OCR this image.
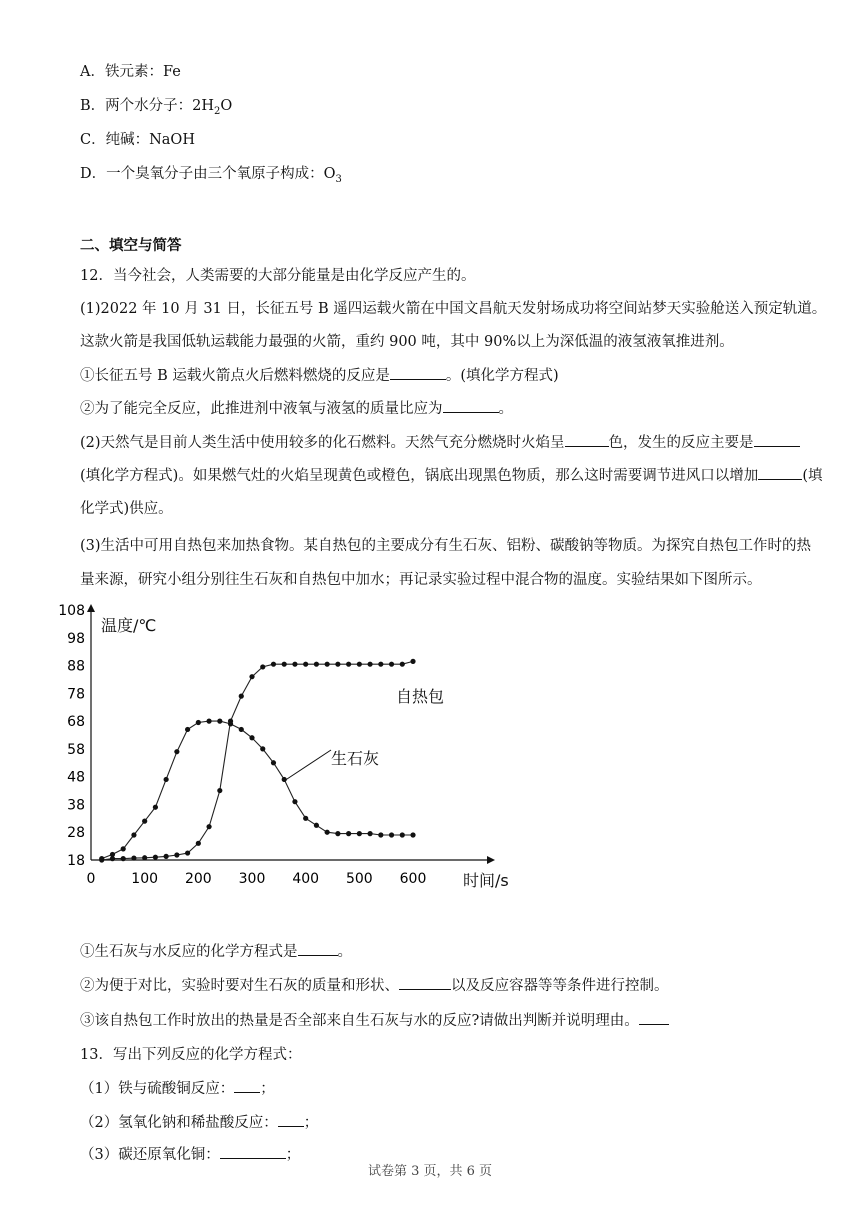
A．铁元素：Fe
B．两个水分子：$2H_2O$
C．纯碱：NaOH
D．一个臭氧分子由三个氧原子构成：$O_3$
二、填空与简答
12．当今社会，人类需要的大部分能量是由化学反应产生的。
(1)2022 年 10 月 31 日，长征五号 B 遥四运载火箭在中国文昌航天发射场成功将空间站梦天实验舱送入预定轨道。
这款火箭是我国低轨运载能力最强的火箭，重约 900 吨，其中 90%以上为深低温的液氢液氧推进剂。
①长征五号 B 运载火箭点火后燃料燃烧的反应是	。(填化学方程式)
②为了能完全反应，此推进剂中液氧与液氢的质量比应为	。
(2)天然气是目前人类生活中使用较多的化石燃料。天然气充分燃烧时火焰呈	色，发生的反应主要是
(填化学方程式)。如果燃气灶的火焰呈现黄色或橙色，锅底出现黑色物质，那么这时需要调节进风口以增加	(填
化学式)供应。
(3)生活中可用自热包来加热食物。某自热包的主要成分有生石灰、铝粉、碳酸钠等物质。为探究自热包工作时的热
量来源，研究小组分别往生石灰和自热包中加水；再记录实验过程中混合物的温度。实验结果如下图所示。
18
28
38
48
58
68
78
88
98
108
0	100 200 300 400 500 600
温度/℃
时间/s
生石灰
自热包
①生石灰与水反应的化学方程式是	。
②为便于对比，实验时要对生石灰的质量和形状、	以及反应容器等等条件进行控制。
③该自热包工作时放出的热量是否全部来自生石灰与水的反应?请做出判断并说明理由。
13．写出下列反应的化学方程式：
（1）铁与硫酸铜反应： ；
（2）氢氧化钠和稀盐酸反应： ；
（3）碳还原氧化铜：	；
试卷第 3 页，共 6 页
